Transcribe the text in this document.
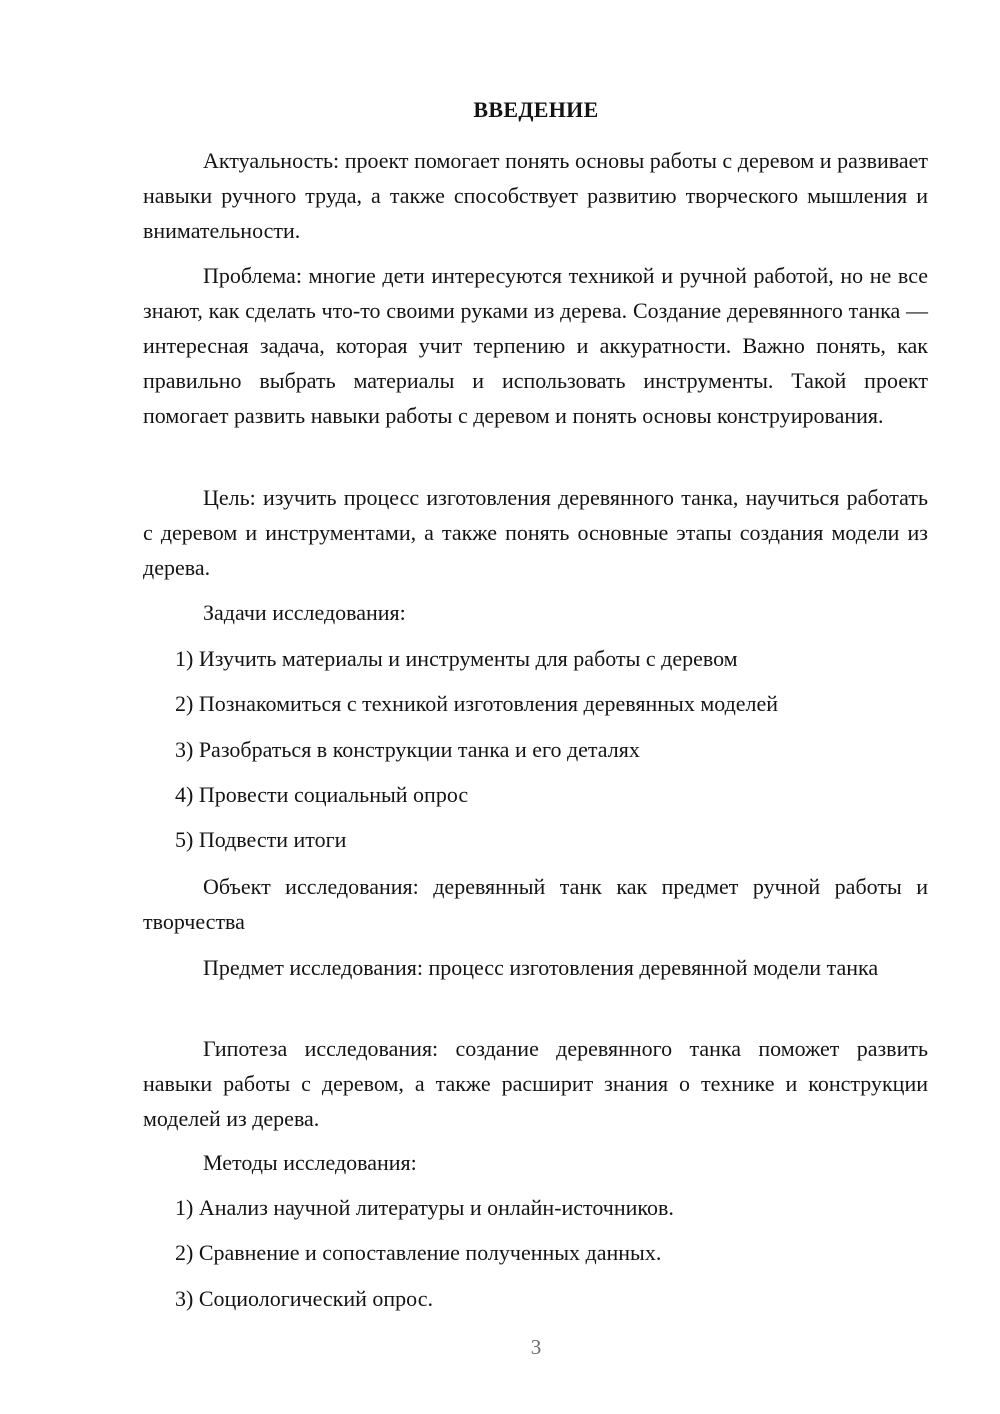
ВВЕДЕНИЕ

Актуальность: проект помогает понять основы работы с деревом и развивает навыки ручного труда, а также способствует развитию творческого мышления и внимательности.

Проблема: многие дети интересуются техникой и ручной работой, но не все знают, как сделать что-то своими руками из дерева. Создание деревянного танка — интересная задача, которая учит терпению и аккуратности. Важно понять, как правильно выбрать материалы и использовать инструменты. Такой проект помогает развить навыки работы с деревом и понять основы конструирования.

Цель: изучить процесс изготовления деревянного танка, научиться работать с деревом и инструментами, а также понять основные этапы создания модели из дерева.

Задачи исследования:

1) Изучить материалы и инструменты для работы с деревом

2) Познакомиться с техникой изготовления деревянных моделей

3) Разобраться в конструкции танка и его деталях

4) Провести социальный опрос

5) Подвести итоги

Объект исследования: деревянный танк как предмет ручной работы и творчества

Предмет исследования: процесс изготовления деревянной модели танка

Гипотеза исследования: создание деревянного танка поможет развить навыки работы с деревом, а также расширит знания о технике и конструкции моделей из дерева.

Методы исследования:

1) Анализ научной литературы и онлайн-источников.

2) Сравнение и сопоставление полученных данных.

3) Социологический опрос.

3
